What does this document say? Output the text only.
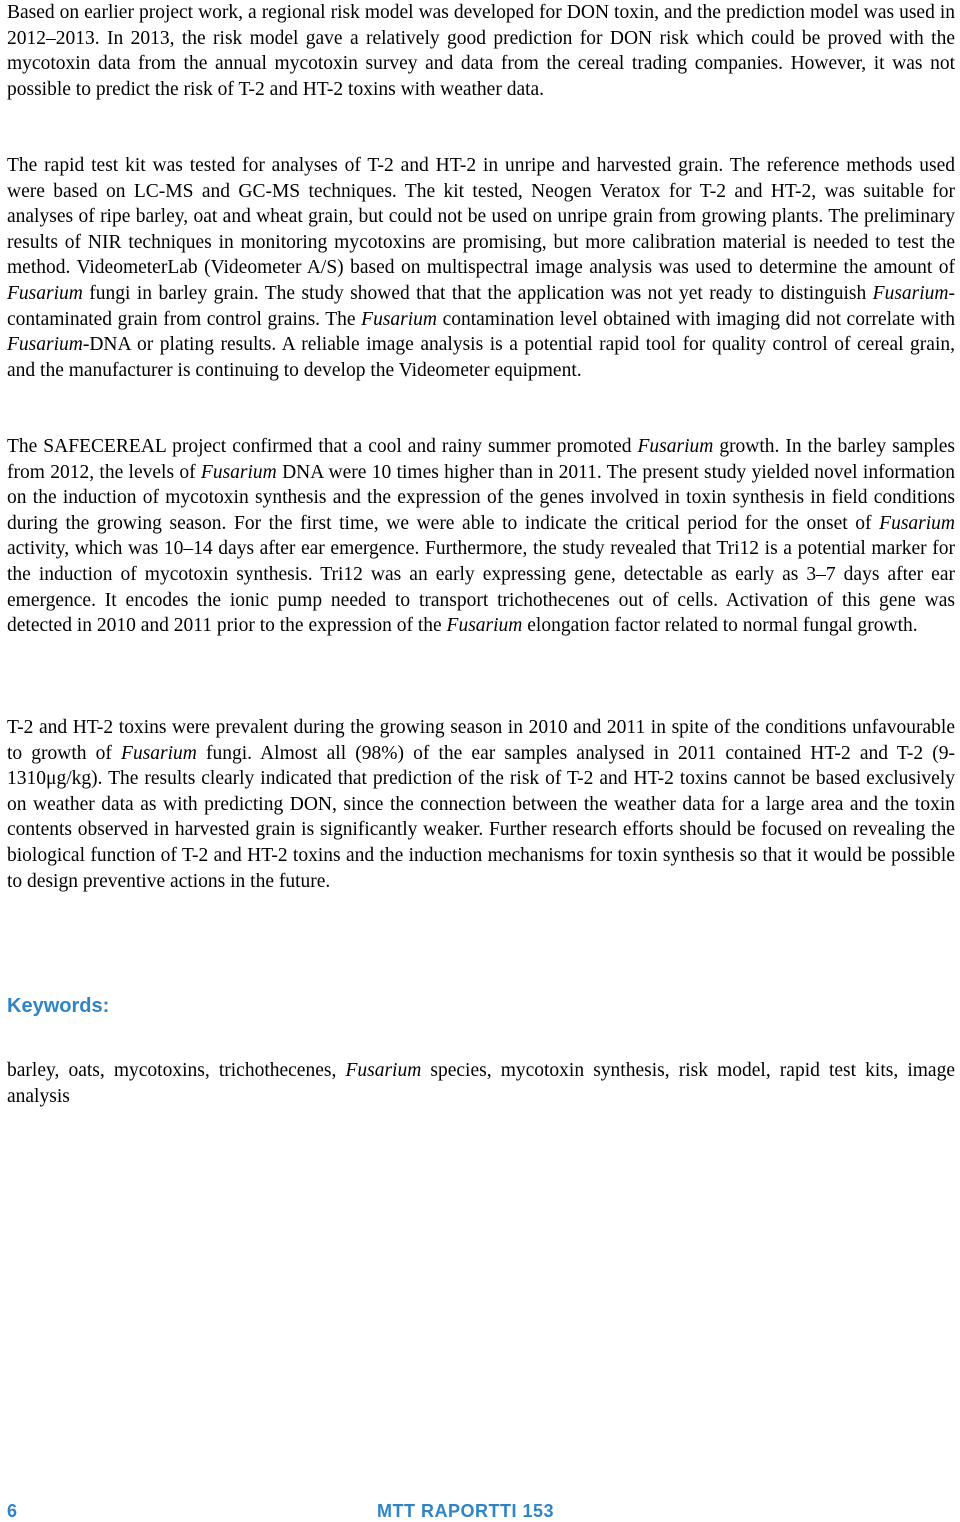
Based on earlier project work, a regional risk model was developed for DON toxin, and the prediction model was used in 2012–2013. In 2013, the risk model gave a relatively good prediction for DON risk which could be proved with the mycotoxin data from the annual mycotoxin survey and data from the cereal trading companies. However, it was not possible to predict the risk of T-2 and HT-2 toxins with weather data.

The rapid test kit was tested for analyses of T-2 and HT-2 in unripe and harvested grain. The reference methods used were based on LC-MS and GC-MS techniques. The kit tested, Neogen Veratox for T-2 and HT-2, was suitable for analyses of ripe barley, oat and wheat grain, but could not be used on unripe grain from growing plants. The preliminary results of NIR techniques in monitoring mycotoxins are promising, but more calibration material is needed to test the method. VideometerLab (Videometer A/S) based on multispectral image analysis was used to determine the amount of Fusarium fungi in barley grain. The study showed that that the application was not yet ready to distinguish Fusarium-contaminated grain from control grains. The Fusarium contamination level obtained with imaging did not correlate with Fusarium-DNA or plating results. A reliable image analysis is a potential rapid tool for quality control of cereal grain, and the manufacturer is continuing to develop the Videometer equipment.

The SAFECEREAL project confirmed that a cool and rainy summer promoted Fusarium growth. In the barley samples from 2012, the levels of Fusarium DNA were 10 times higher than in 2011. The present study yielded novel information on the induction of mycotoxin synthesis and the expression of the genes involved in toxin synthesis in field conditions during the growing season. For the first time, we were able to indicate the critical period for the onset of Fusarium activity, which was 10–14 days after ear emergence. Furthermore, the study revealed that Tri12 is a potential marker for the induction of mycotoxin synthesis. Tri12 was an early expressing gene, detectable as early as 3–7 days after ear emergence. It encodes the ionic pump needed to transport trichothecenes out of cells. Activation of this gene was detected in 2010 and 2011 prior to the expression of the Fusarium elongation factor related to normal fungal growth.

T-2 and HT-2 toxins were prevalent during the growing season in 2010 and 2011 in spite of the conditions unfavourable to growth of Fusarium fungi. Almost all (98%) of the ear samples analysed in 2011 contained HT-2 and T-2 (9-1310μg/kg). The results clearly indicated that prediction of the risk of T-2 and HT-2 toxins cannot be based exclusively on weather data as with predicting DON, since the connection between the weather data for a large area and the toxin contents observed in harvested grain is significantly weaker. Further research efforts should be focused on revealing the biological function of T-2 and HT-2 toxins and the induction mechanisms for toxin synthesis so that it would be possible to design preventive actions in the future.

Keywords:

barley, oats, mycotoxins, trichothecenes, Fusarium species, mycotoxin synthesis, risk model, rapid test kits, image analysis

6	MTT RAPORTTI 153
